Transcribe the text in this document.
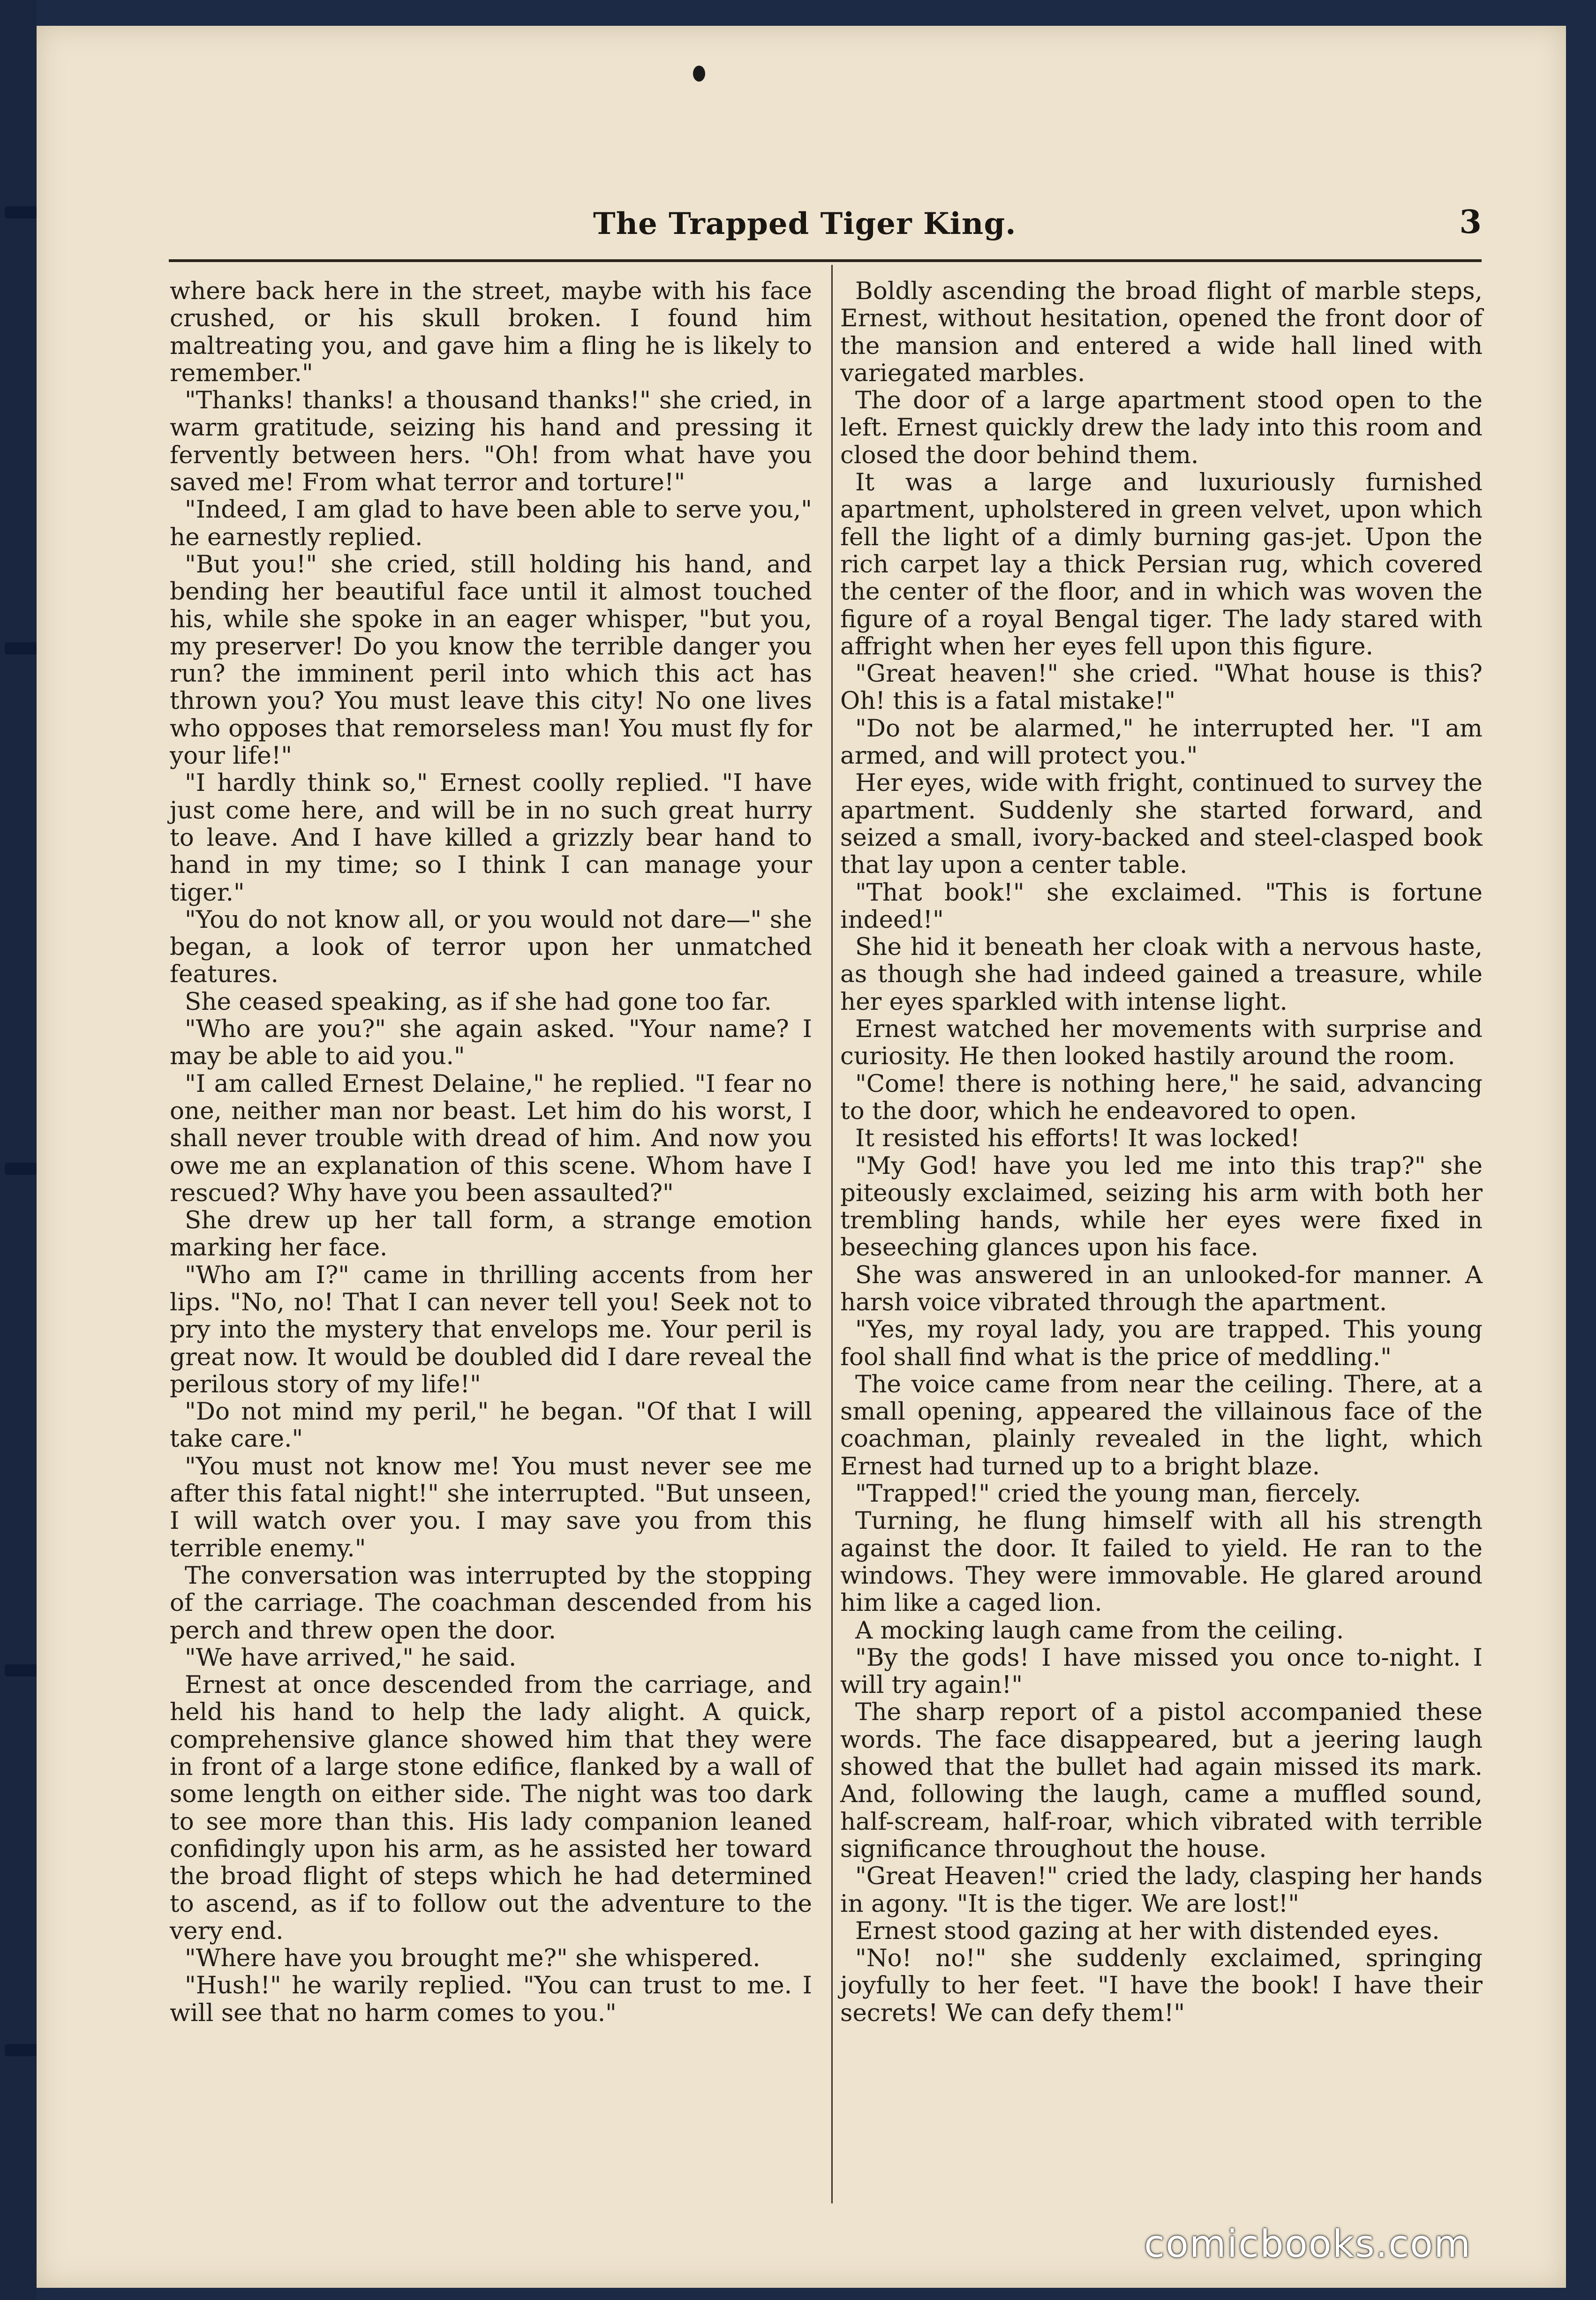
The Trapped Tiger King.	3

where back here in the street, maybe with his face crushed, or his skull broken. I found him maltreating you, and gave him a fling he is likely to remember."

"Thanks! thanks! a thousand thanks!" she cried, in warm gratitude, seizing his hand and pressing it fervently between hers. "Oh! from what have you saved me! From what terror and torture!"

"Indeed, I am glad to have been able to serve you," he earnestly replied.

"But you!" she cried, still holding his hand, and bending her beautiful face until it almost touched his, while she spoke in an eager whisper, "but you, my preserver! Do you know the terrible danger you run? the imminent peril into which this act has thrown you? You must leave this city! No one lives who opposes that remorseless man! You must fly for your life!"

"I hardly think so," Ernest coolly replied. "I have just come here, and will be in no such great hurry to leave. And I have killed a grizzly bear hand to hand in my time; so I think I can manage your tiger."

"You do not know all, or you would not dare—" she began, a look of terror upon her unmatched features.

She ceased speaking, as if she had gone too far.

"Who are you?" she again asked. "Your name? I may be able to aid you."

"I am called Ernest Delaine," he replied. "I fear no one, neither man nor beast. Let him do his worst, I shall never trouble with dread of him. And now you owe me an explanation of this scene. Whom have I rescued? Why have you been assaulted?"

She drew up her tall form, a strange emotion marking her face.

"Who am I?" came in thrilling accents from her lips. "No, no! That I can never tell you! Seek not to pry into the mystery that envelops me. Your peril is great now. It would be doubled did I dare reveal the perilous story of my life!"

"Do not mind my peril," he began. "Of that I will take care."

"You must not know me! You must never see me after this fatal night!" she interrupted. "But unseen, I will watch over you. I may save you from this terrible enemy."

The conversation was interrupted by the stopping of the carriage. The coachman descended from his perch and threw open the door.

"We have arrived," he said.

Ernest at once descended from the carriage, and held his hand to help the lady alight. A quick, comprehensive glance showed him that they were in front of a large stone edifice, flanked by a wall of some length on either side. The night was too dark to see more than this. His lady companion leaned confidingly upon his arm, as he assisted her toward the broad flight of steps which he had determined to ascend, as if to follow out the adventure to the very end.

"Where have you brought me?" she whispered.

"Hush!" he warily replied. "You can trust to me. I will see that no harm comes to you."

Boldly ascending the broad flight of marble steps, Ernest, without hesitation, opened the front door of the mansion and entered a wide hall lined with variegated marbles.

The door of a large apartment stood open to the left. Ernest quickly drew the lady into this room and closed the door behind them.

It was a large and luxuriously furnished apartment, upholstered in green velvet, upon which fell the light of a dimly burning gas-jet. Upon the rich carpet lay a thick Persian rug, which covered the center of the floor, and in which was woven the figure of a royal Bengal tiger. The lady stared with affright when her eyes fell upon this figure.

"Great heaven!" she cried. "What house is this? Oh! this is a fatal mistake!"

"Do not be alarmed," he interrupted her. "I am armed, and will protect you."

Her eyes, wide with fright, continued to survey the apartment. Suddenly she started forward, and seized a small, ivory-backed and steel-clasped book that lay upon a center table.

"That book!" she exclaimed. "This is fortune indeed!"

She hid it beneath her cloak with a nervous haste, as though she had indeed gained a treasure, while her eyes sparkled with intense light.

Ernest watched her movements with surprise and curiosity. He then looked hastily around the room.

"Come! there is nothing here," he said, advancing to the door, which he endeavored to open.

It resisted his efforts! It was locked!

"My God! have you led me into this trap?" she piteously exclaimed, seizing his arm with both her trembling hands, while her eyes were fixed in beseeching glances upon his face.

She was answered in an unlooked-for manner. A harsh voice vibrated through the apartment.

"Yes, my royal lady, you are trapped. This young fool shall find what is the price of meddling."

The voice came from near the ceiling. There, at a small opening, appeared the villainous face of the coachman, plainly revealed in the light, which Ernest had turned up to a bright blaze.

"Trapped!" cried the young man, fiercely.

Turning, he flung himself with all his strength against the door. It failed to yield. He ran to the windows. They were immovable. He glared around him like a caged lion.

A mocking laugh came from the ceiling.

"By the gods! I have missed you once to-night. I will try again!"

The sharp report of a pistol accompanied these words. The face disappeared, but a jeering laugh showed that the bullet had again missed its mark. And, following the laugh, came a muffled sound, half-scream, half-roar, which vibrated with terrible significance throughout the house.

"Great Heaven!" cried the lady, clasping her hands in agony. "It is the tiger. We are lost!"

Ernest stood gazing at her with distended eyes.

"No! no!" she suddenly exclaimed, springing joyfully to her feet. "I have the book! I have their secrets! We can defy them!"

comicbooks.com
